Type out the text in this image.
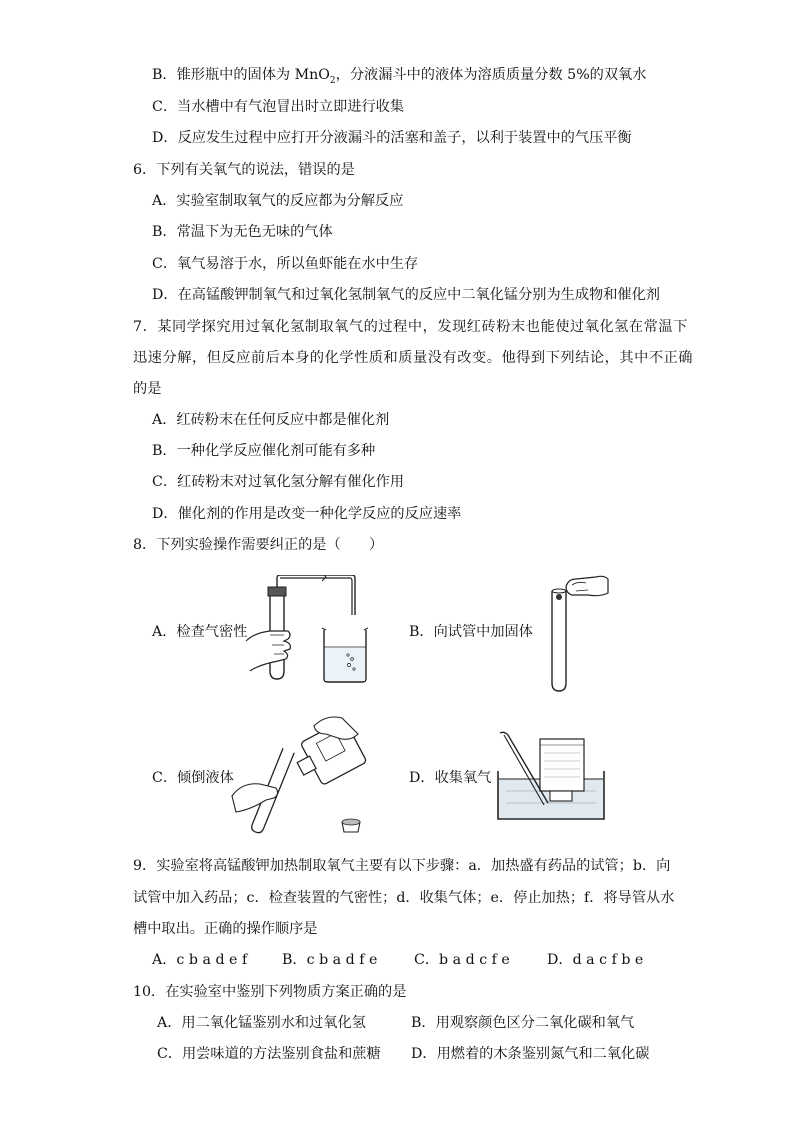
B．锥形瓶中的固体为 MnO$_2$，分液漏斗中的液体为溶质质量分数 5%的双氧水
C．当水槽中有气泡冒出时立即进行收集
D．反应发生过程中应打开分液漏斗的活塞和盖子，以利于装置中的气压平衡
6．下列有关氧气的说法，错误的是
A．实验室制取氧气的反应都为分解反应
B．常温下为无色无味的气体
C．氧气易溶于水，所以鱼虾能在水中生存
D．在高锰酸钾制氧气和过氧化氢制氧气的反应中二氧化锰分别为生成物和催化剂
7．某同学探究用过氧化氢制取氧气的过程中，发现红砖粉末也能使过氧化氢在常温下
迅速分解，但反应前后本身的化学性质和质量没有改变。他得到下列结论，其中不正确
的是
A．红砖粉末在任何反应中都是催化剂
B．一种化学反应催化剂可能有多种
C．红砖粉末对过氧化氢分解有催化作用
D．催化剂的作用是改变一种化学反应的反应速率
8．下列实验操作需要纠正的是（　　）
A．检查气密性	B．向试管中加固体
C．倾倒液体	D．收集氧气
9．实验室将高锰酸钾加热制取氧气主要有以下步骤：a．加热盛有药品的试管；b．向
试管中加入药品；c．检查装置的气密性；d．收集气体；e．停止加热；f．将导管从水
槽中取出。正确的操作顺序是
A．c b a d e f B．c b a d f e	C．b a d c f e	D．d a c f b e
10．在实验室中鉴别下列物质方案正确的是
A．用二氧化锰鉴别水和过氧化氢	B．用观察颜色区分二氧化碳和氧气
C．用尝味道的方法鉴别食盐和蔗糖 D．用燃着的木条鉴别氮气和二氧化碳
